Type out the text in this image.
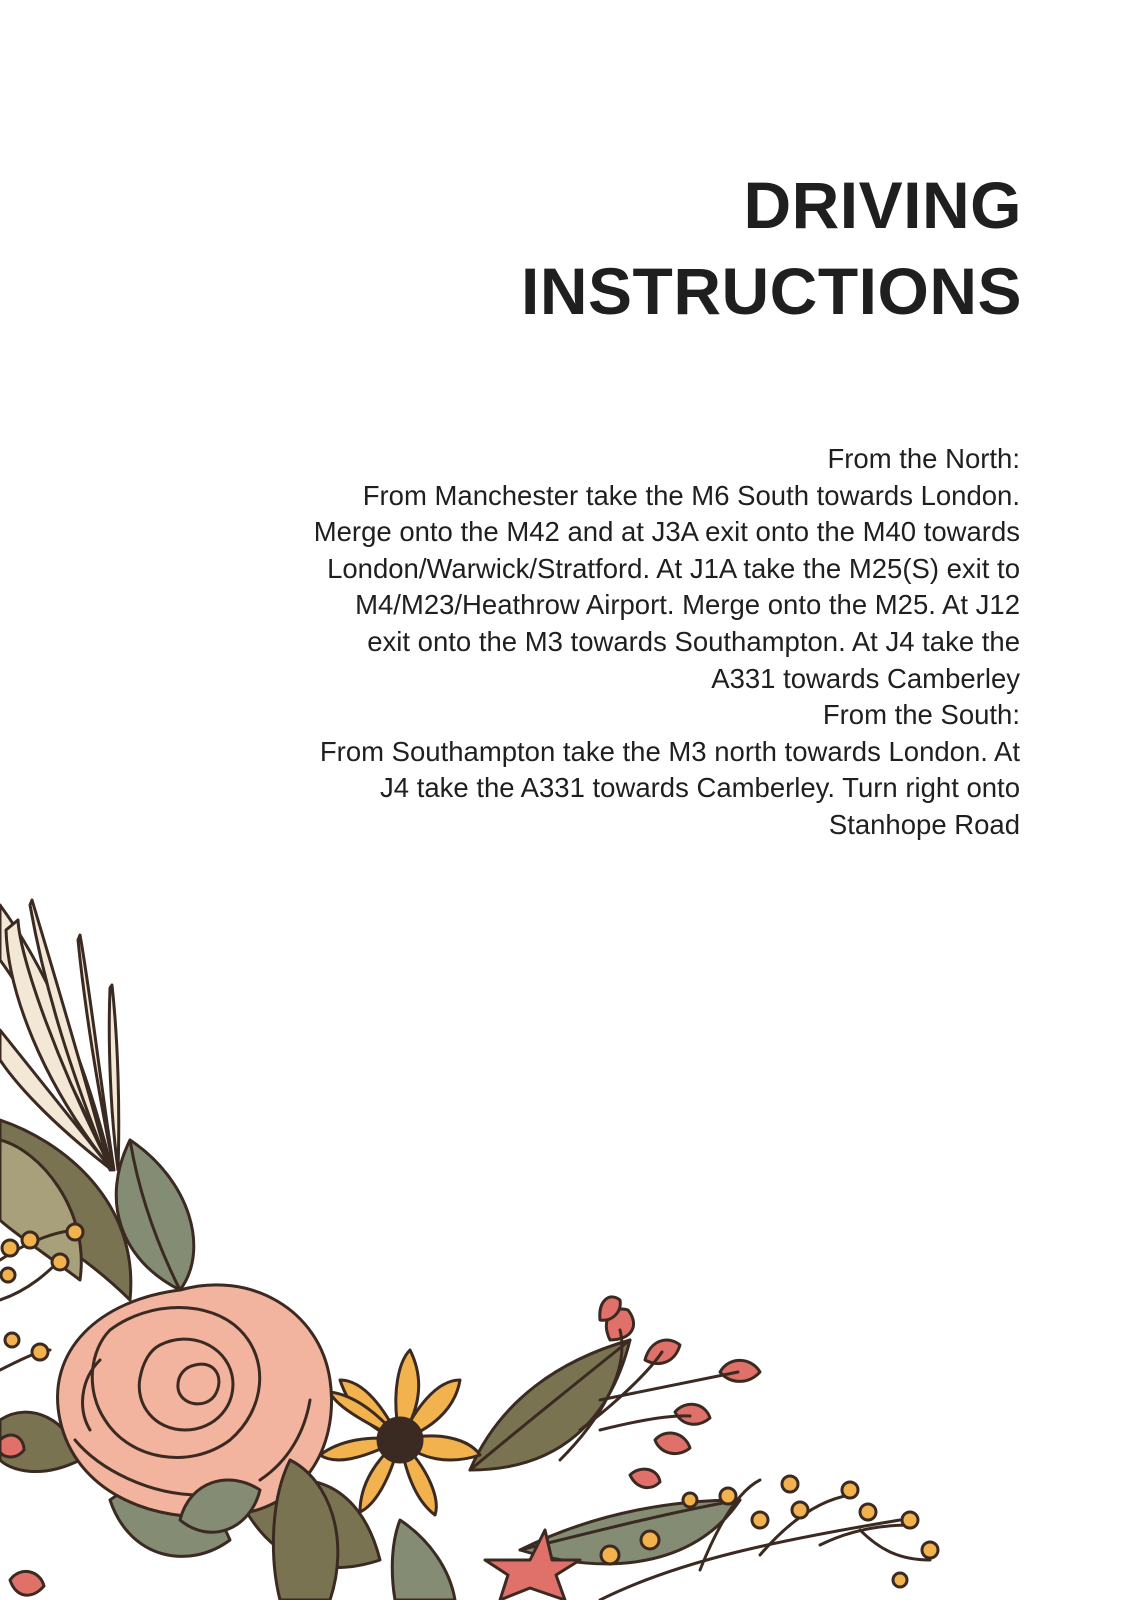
DRIVING
INSTRUCTIONS

From the North:

From Manchester take the M6 South towards London.

Merge onto the M42 and at J3A exit onto the M40 towards

London/Warwick/Stratford. At J1A take the M25(S) exit to

M4/M23/Heathrow Airport. Merge onto the M25. At J12

exit onto the M3 towards Southampton. At J4 take the

A331 towards Camberley

From the South:

From Southampton take the M3 north towards London. At

J4 take the A331 towards Camberley. Turn right onto

Stanhope Road
